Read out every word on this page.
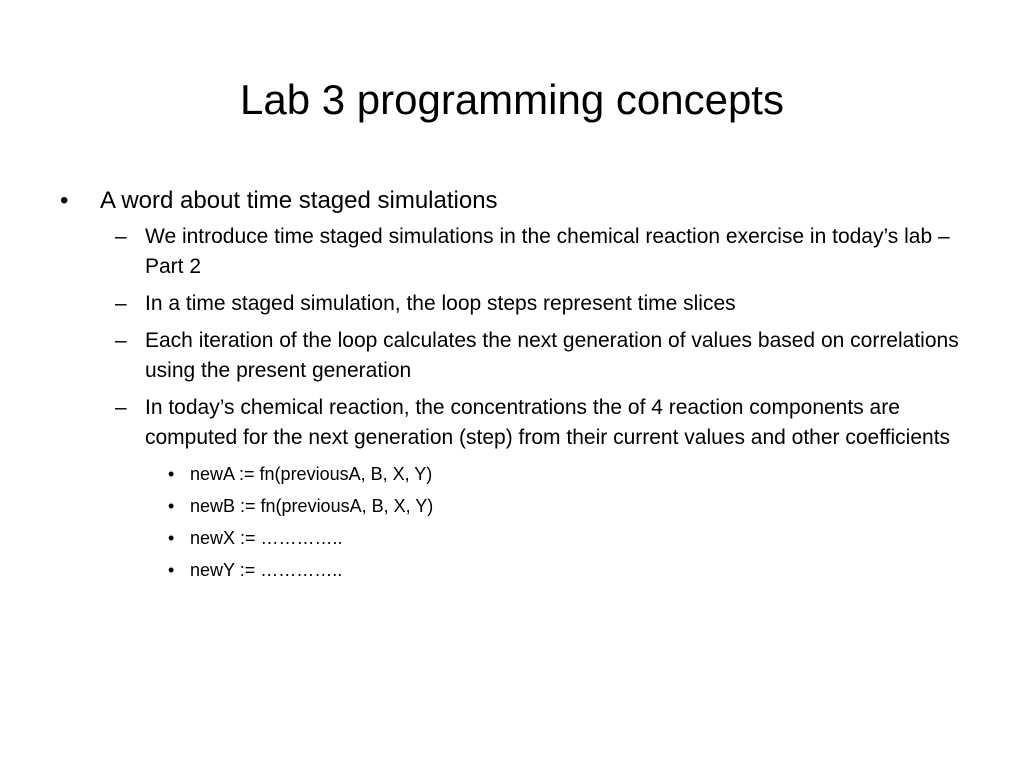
Lab 3 programming concepts
• A word about time staged simulations
– We introduce time staged simulations in the chemical reaction exercise in today’s lab – Part 2
– In a time staged simulation, the loop steps represent time slices
– Each iteration of the loop calculates the next generation of values based on correlations using the present generation
– In today’s chemical reaction, the concentrations the of 4 reaction components are computed for the next generation (step) from their current values and other coefficients
• newA := fn(previousA, B, X, Y)
• newB := fn(previousA, B, X, Y)
• newX := …………..
• newY := …………..
